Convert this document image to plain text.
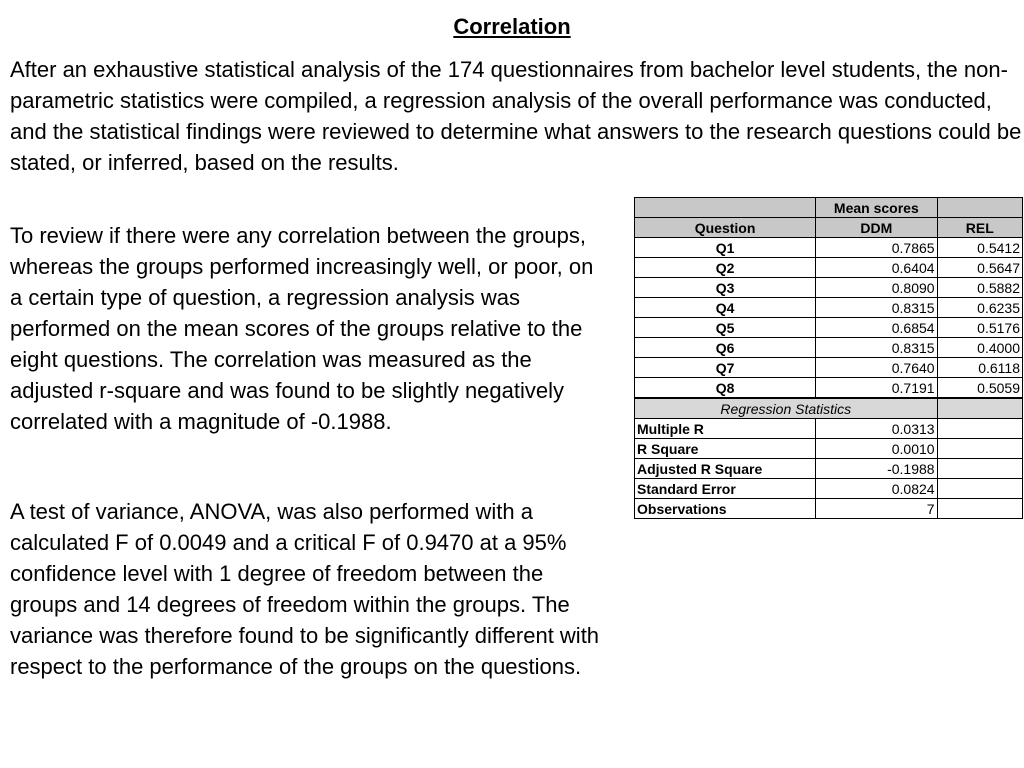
Correlation

After an exhaustive statistical analysis of the 174 questionnaires from bachelor level students, the non-parametric statistics were compiled, a regression analysis of the overall performance was conducted, and the statistical findings were reviewed to determine what answers to the research questions could be stated, or inferred, based on the results.

To review if there were any correlation between the groups, whereas the groups performed increasingly well, or poor, on a certain type of question, a regression analysis was performed on the mean scores of the groups relative to the eight questions. The correlation was measured as the adjusted r-square and was found to be slightly negatively correlated with a magnitude of -0.1988.

A test of variance, ANOVA, was also performed with a calculated F of 0.0049 and a critical F of 0.9470 at a 95% confidence level with 1 degree of freedom between the groups and 14 degrees of freedom within the groups. The variance was therefore found to be significantly different with respect to the performance of the groups on the questions.

	Mean scores	
Question	DDM	REL
Q1	0.7865	0.5412
Q2	0.6404	0.5647
Q3	0.8090	0.5882
Q4	0.8315	0.6235
Q5	0.6854	0.5176
Q6	0.8315	0.4000
Q7	0.7640	0.6118
Q8	0.7191	0.5059
Regression Statistics		
Multiple R	0.0313	
R Square	0.0010	
Adjusted R Square	-0.1988	
Standard Error	0.0824	
Observations	7	
